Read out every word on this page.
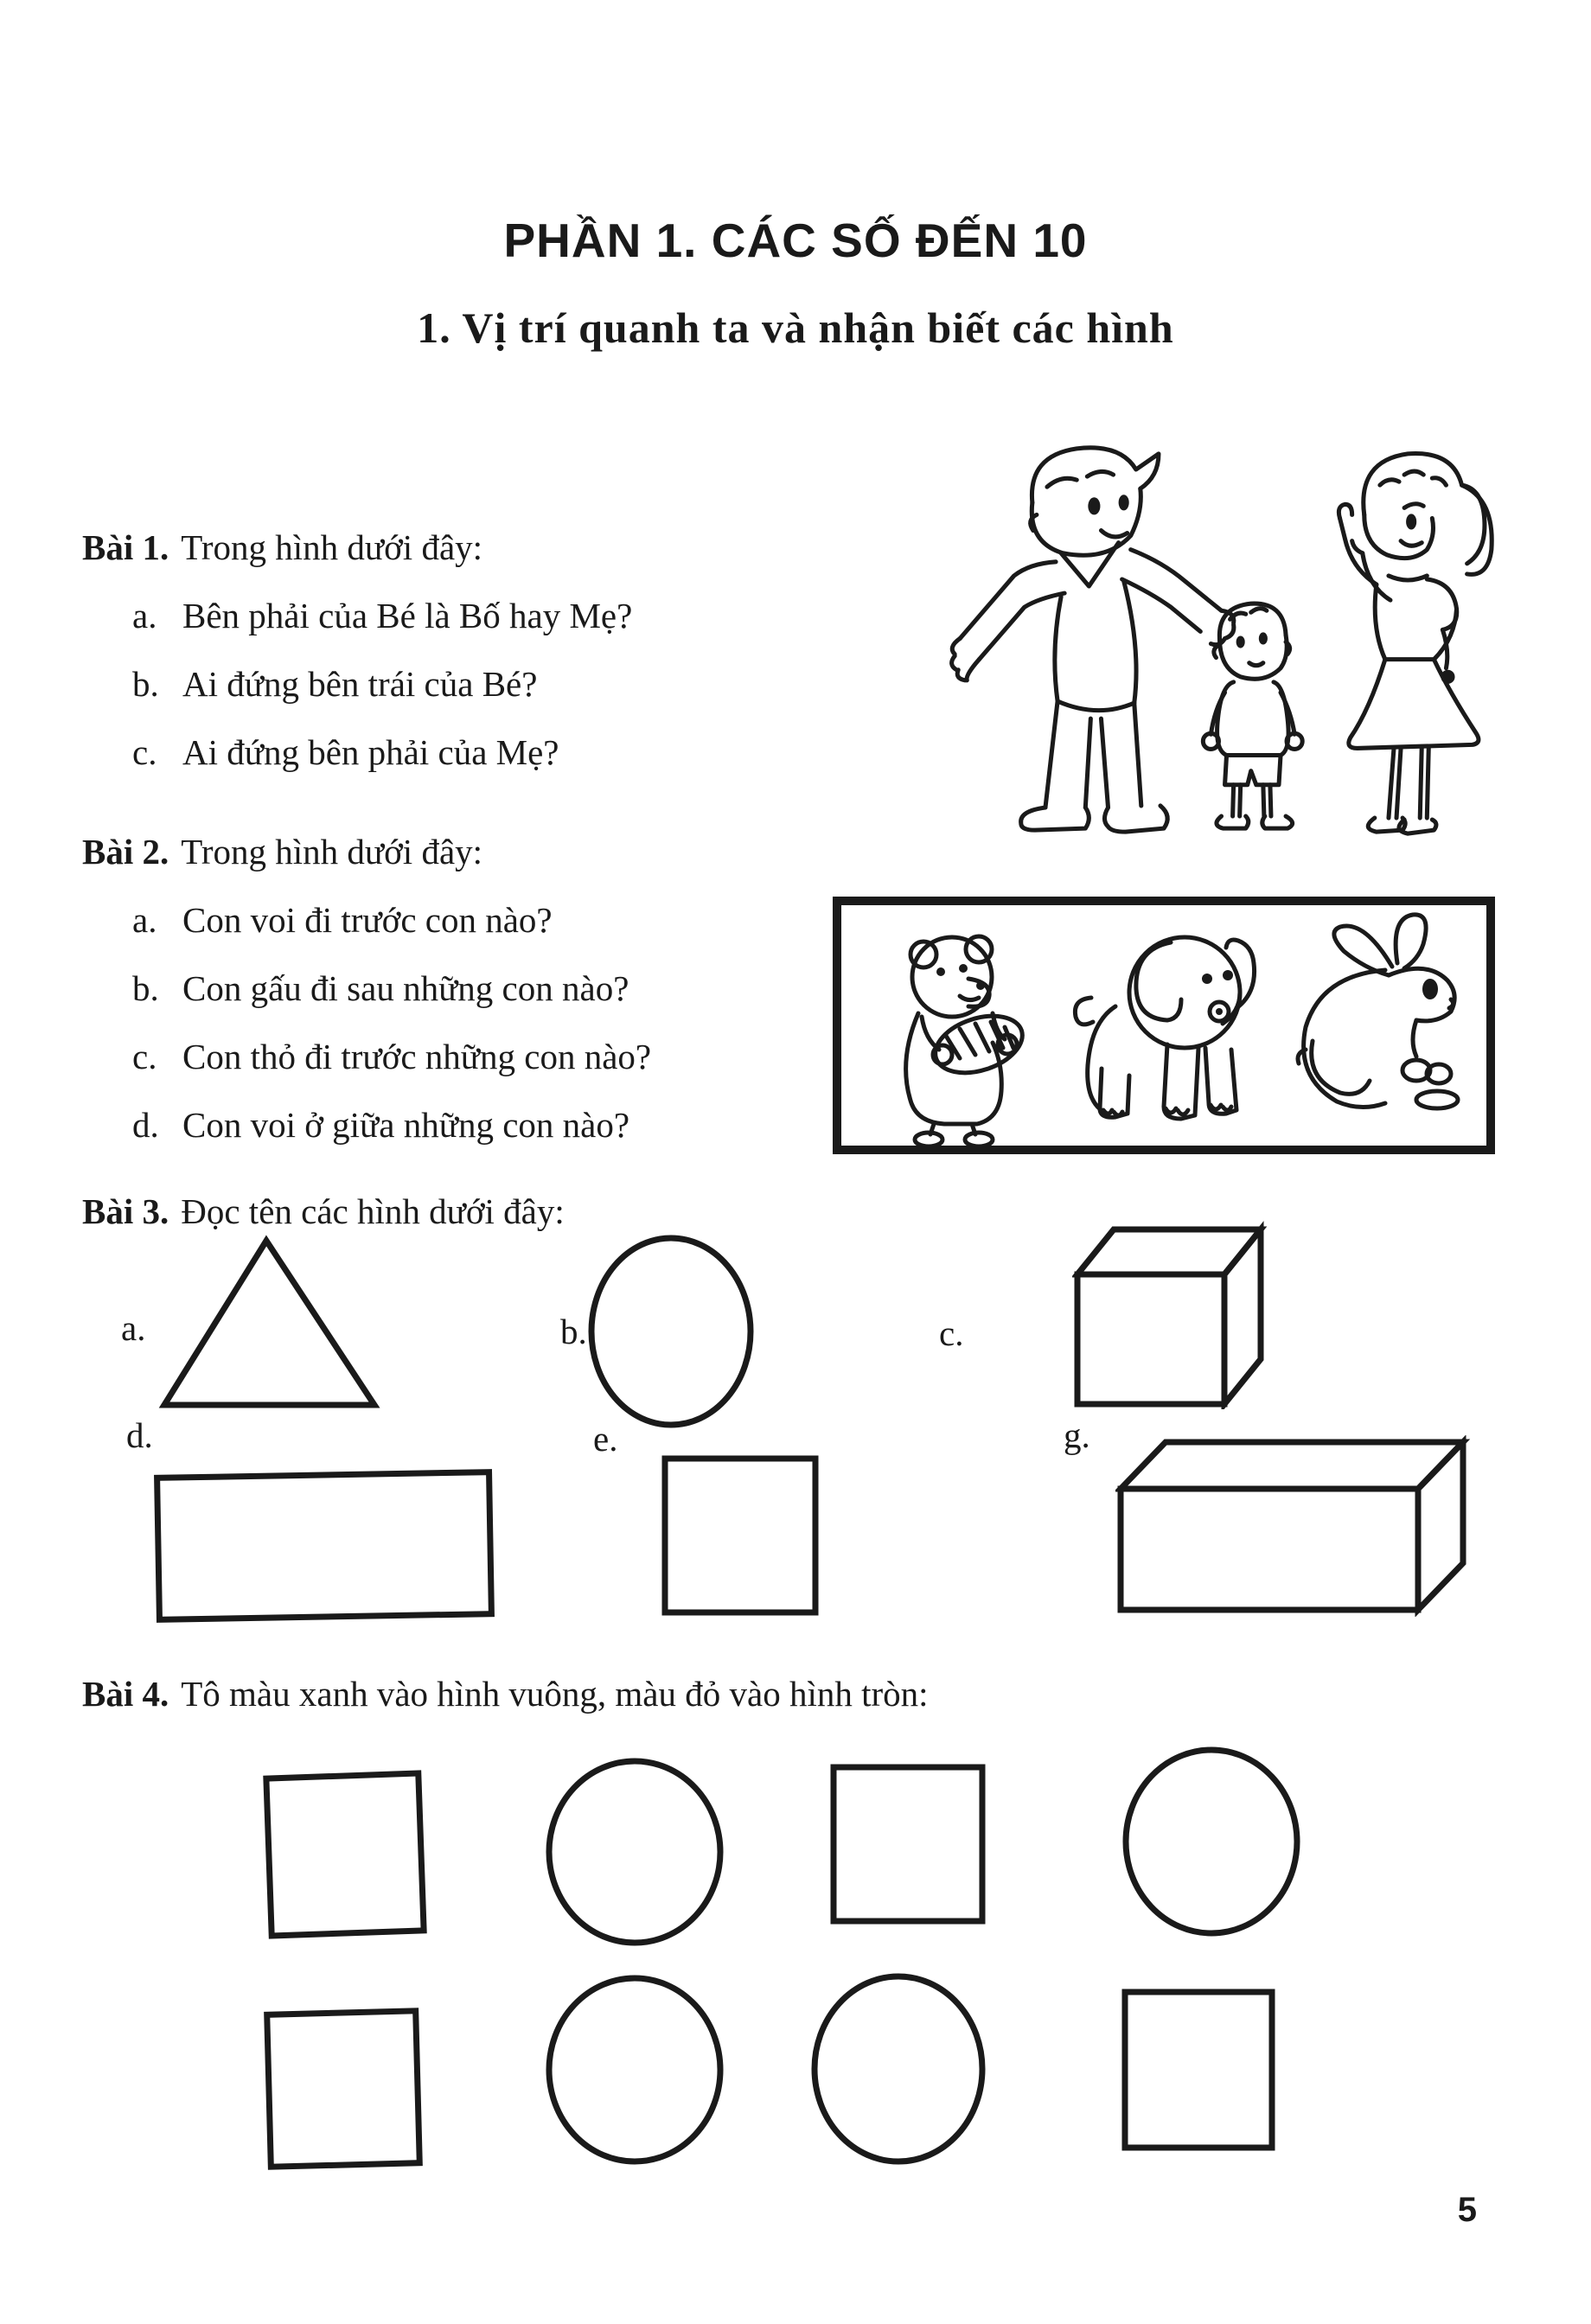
PHẦN 1. CÁC SỐ ĐẾN 10
1. Vị trí quanh ta và nhận biết các hình
Bài 1. Trong hình dưới đây:
a. Bên phải của Bé là Bố hay Mẹ?
b. Ai đứng bên trái của Bé?
c. Ai đứng bên phải của Mẹ?
Bài 2. Trong hình dưới đây:
a. Con voi đi trước con nào?
b. Con gấu đi sau những con nào?
c. Con thỏ đi trước những con nào?
d. Con voi ở giữa những con nào?
Bài 3. Đọc tên các hình dưới đây:
a.	b.	c.
d.	e.	g.
Bài 4. Tô màu xanh vào hình vuông, màu đỏ vào hình tròn:
5
